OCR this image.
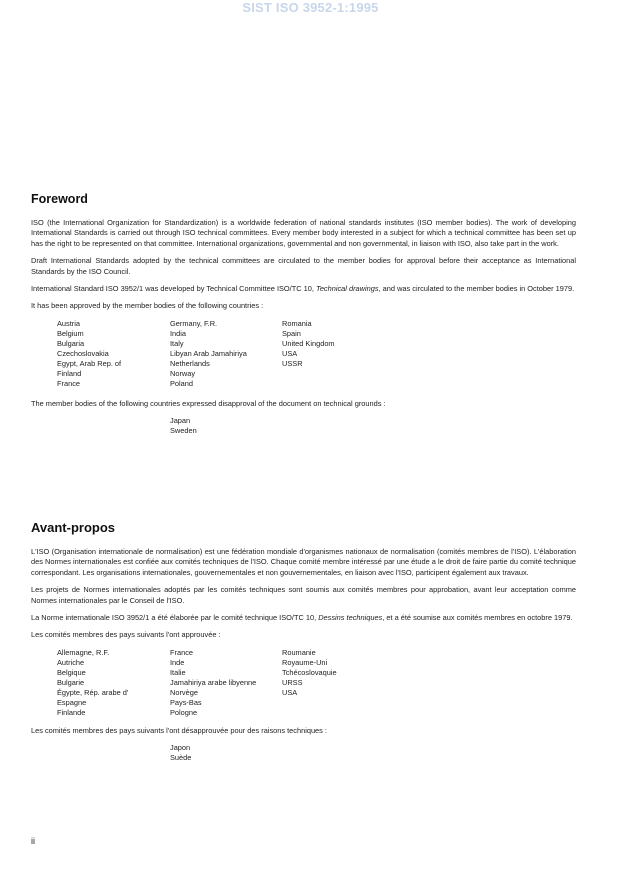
SIST ISO 3952-1:1995
Foreword

ISO (the International Organization for Standardization) is a worldwide federation of national standards institutes (ISO member bodies). The work of developing International Standards is carried out through ISO technical committees. Every member body interested in a subject for which a technical committee has been set up has the right to be represented on that committee. International organizations, governmental and non governmental, in liaison with ISO, also take part in the work.

Draft International Standards adopted by the technical committees are circulated to the member bodies for approval before their acceptance as International Standards by the ISO Council.

International Standard ISO 3952/1 was developed by Technical Committee ISO/TC 10, Technical drawings, and was circulated to the member bodies in October 1979.

It has been approved by the member bodies of the following countries :

Austria
Belgium
Bulgaria
Czechoslovakia
Egypt, Arab Rep. of
Finland
France
Germany, F.R.
India
Italy
Libyan Arab Jamahiriya
Netherlands
Norway
Poland
Romania
Spain
United Kingdom
USA
USSR

The member bodies of the following countries expressed disapproval of the document on technical grounds :

Japan
Sweden
Avant-propos

L'ISO (Organisation internationale de normalisation) est une fédération mondiale d'organismes nationaux de normalisation (comités membres de l'ISO). L'élaboration des Normes internationales est confiée aux comités techniques de l'ISO. Chaque comité membre intéressé par une étude a le droit de faire partie du comité technique correspondant. Les organisations internationales, gouvernementales et non gouvernementales, en liaison avec l'ISO, participent également aux travaux.

Les projets de Normes internationales adoptés par les comités techniques sont soumis aux comités membres pour approbation, avant leur acceptation comme Normes internationales par le Conseil de l'ISO.

La Norme internationale ISO 3952/1 a été élaborée par le comité technique ISO/TC 10, Dessins techniques, et a été soumise aux comités membres en octobre 1979.

Les comités membres des pays suivants l'ont approuvée :

Allemagne, R.F.
Autriche
Belgique
Bulgarie
Égypte, Rép. arabe d'
Espagne
Finlande
France
Inde
Italie
Jamahiriya arabe libyenne
Norvège
Pays-Bas
Pologne
Roumanie
Royaume-Uni
Tchécoslovaquie
URSS
USA

Les comités membres des pays suivants l'ont désapprouvée pour des raisons techniques :

Japon
Suède
ii
